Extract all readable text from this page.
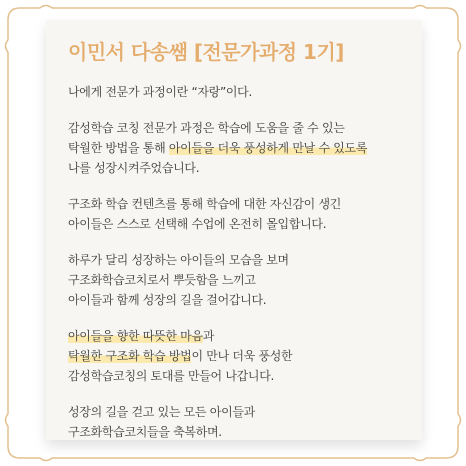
이민서 다송쌤 [전문가과정 1기]
나에게 전문가 과정이란 “자랑”이다.
감성학습 코칭 전문가 과정은 학습에 도움을 줄 수 있는
탁월한 방법을 통해 아이들을 더욱 풍성하게 만날 수 있도록
나를 성장시켜주었습니다.
구조화 학습 컨텐츠를 통해 학습에 대한 자신감이 생긴
아이들은 스스로 선택해 수업에 온전히 몰입합니다.
하루가 달리 성장하는 아이들의 모습을 보며
구조화학습코치로서 뿌듯함을 느끼고
아이들과 함께 성장의 길을 걸어갑니다.
아이들을 향한 따뜻한 마음과
탁월한 구조화 학습 방법이 만나 더욱 풍성한
감성학습코칭의 토대를 만들어 나갑니다.
성장의 길을 걷고 있는 모든 아이들과
구조화학습코치들을 축복하며.
